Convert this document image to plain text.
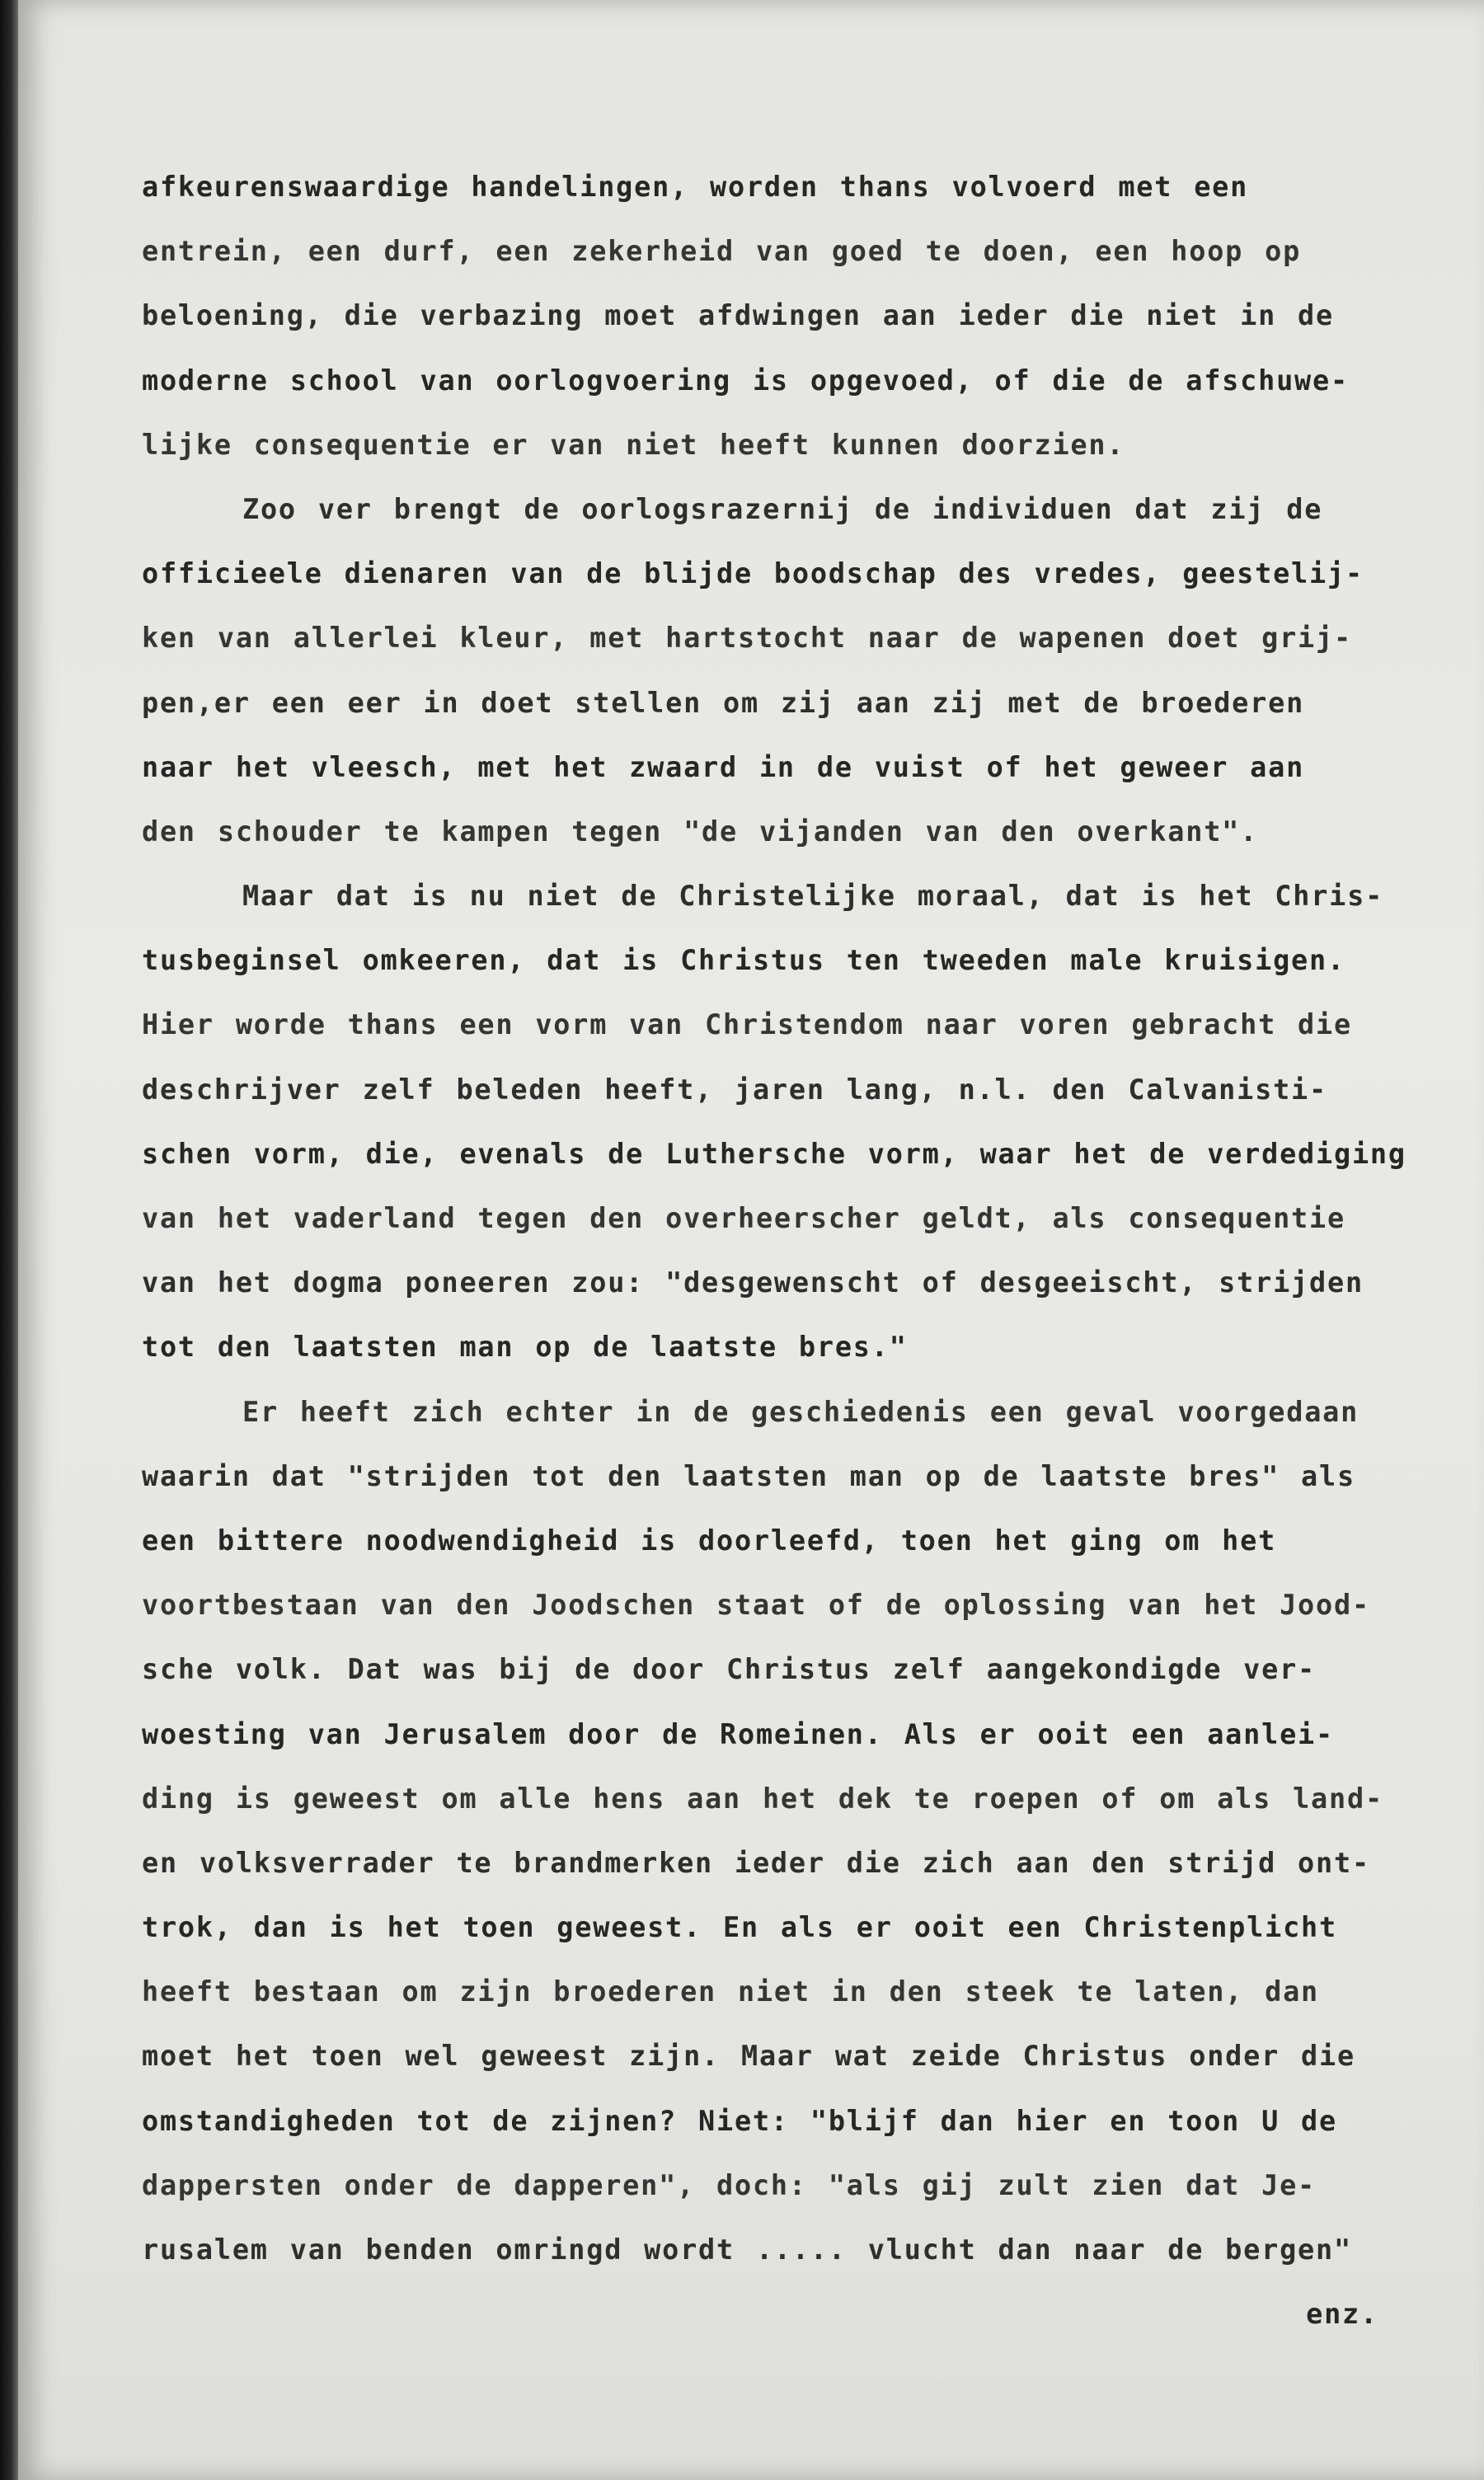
afkeurenswaardige handelingen, worden thans volvoerd met een
entrein, een durf, een zekerheid van goed te doen, een hoop op
beloening, die verbazing moet afdwingen aan ieder die niet in de
moderne school van oorlogvoering is opgevoed, of die de afschuwe-
lijke consequentie er van niet heeft kunnen doorzien.
Zoo ver brengt de oorlogsrazernij de individuen dat zij de
officieele dienaren van de blijde boodschap des vredes, geestelij-
ken van allerlei kleur, met hartstocht naar de wapenen doet grij-
pen,er een eer in doet stellen om zij aan zij met de broederen
naar het vleesch, met het zwaard in de vuist of het geweer aan
den schouder te kampen tegen "de vijanden van den overkant".
Maar dat is nu niet de Christelijke moraal, dat is het Chris-
tusbeginsel omkeeren, dat is Christus ten tweeden male kruisigen.
Hier worde thans een vorm van Christendom naar voren gebracht die
deschrijver zelf beleden heeft, jaren lang, n.l. den Calvanisti-
schen vorm, die, evenals de Luthersche vorm, waar het de verdediging
van het vaderland tegen den overheerscher geldt, als consequentie
van het dogma poneeren zou: "desgewenscht of desgeeischt, strijden
tot den laatsten man op de laatste bres."
Er heeft zich echter in de geschiedenis een geval voorgedaan
waarin dat "strijden tot den laatsten man op de laatste bres" als
een bittere noodwendigheid is doorleefd, toen het ging om het
voortbestaan van den Joodschen staat of de oplossing van het Jood-
sche volk. Dat was bij de door Christus zelf aangekondigde ver-
woesting van Jerusalem door de Romeinen. Als er ooit een aanlei-
ding is geweest om alle hens aan het dek te roepen of om als land-
en volksverrader te brandmerken ieder die zich aan den strijd ont-
trok, dan is het toen geweest. En als er ooit een Christenplicht
heeft bestaan om zijn broederen niet in den steek te laten, dan
moet het toen wel geweest zijn. Maar wat zeide Christus onder die
omstandigheden tot de zijnen? Niet: "blijf dan hier en toon U de
dappersten onder de dapperen", doch: "als gij zult zien dat Je-
rusalem van benden omringd wordt ..... vlucht dan naar de bergen"
enz.
